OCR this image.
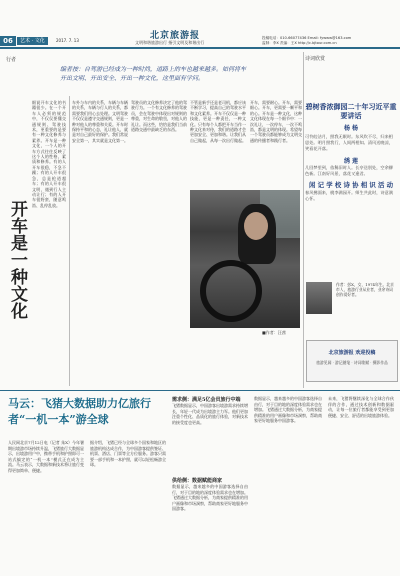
06	艺术 · 文化	2017. 7. 13	北京旅游报
文明和谐旅游出行 指引文明及和谐出行
投稿电话：010-66077436 Email: fywww@163.com
监制：李X 责编：王X http://c.bjtour.com.cn
行者
编者按：自驾游已经成为一种时尚，道路上的车也越来越多。如何将车开出文明、开出安全、开出一种文化，这里面有学问。
开车是一种文化
细说开车文化的书籍很少。在一个开车人必须的规范中，不仅仅要懂交通规则、驾驶技术，更重要的是要有一种文化修养与素养。开车是一种文化，一个人的开车方式往往反映了这个人的性格、素质和修养。有的人开车很稳，不急不躁；有的人开车很急，总是抢道超车；有的人开车很文明，遇到行人主动让行；有的人开车很野蛮，随意鸣笛、乱停乱放。
车外与车内的关系，车辆与车辆的关系，车辆与行人的关系，都需要我们用心去处理。文明驾驶不仅仅是遵守交通规则，更是一种对他人的尊重和关爱。开车时保持平和的心态，礼让他人，就是对自己最好的保护。我们常说安全第一，其实就是文化第一。
驾驶员的文化修养决定了他的驾驶行为。一个有文化修养的驾驶员，会在驾驶中体现出对规则的尊重，对生命的敬畏，对他人的礼让。而这些，恰恰是我们当前道路交通中最缺乏的东西。
不管是新手还是老司机，都应该不断学习，提高自己的驾驶水平和文化素养。开车不仅仅是一种技能，更是一种责任，一种文化。只有每个人都把开车当作一种文化来对待，我们的道路才会更加安全、更加和谐。让我们从自己做起，从每一次出行做起。
开车，需要耐心。开车，需要细心。开车，更需要一颗平和的心。开车是一种文化，这种文化体现在每一个细节中：一次礼让，一次停车，一次不鸣笛，都是文明的体现。希望每一个驾驶员都能够成为文明交通的传播者和践行者。
■作者：汪茜
诗词欣赏
碧树香浓御园二十年习近平重要讲话
杨 杨
可怜皎洁月，照我无眠时。东风吹不尽，归来相思处。明月照我行，人间两相知。清风送晚凉，笑看花开落。
绣 莲
几回梦里到，依稀旧时人。长亭送别处，空余柳色新。江南好风景，落花又逢君。
闲 记 学 校 诗 协 相 识 活 动
春风拂面来，桃李满园开。师生共此时，诗意满心怀。
作者：彭X，女，1974年生。北京市人，旅游行业从业者，业余诗词创作爱好者。
北京旅游报 欢迎投稿
旅游见闻 · 游记随笔 · 诗词歌赋 · 摄影作品
马云：飞猪大数据助力亿旅行者“一机一本”游全球
人民网北京7月12日电（记者 朱X）今年暑期出境游市场持续升温，飞猪旅行大数据显示，出境游用户中，携带手机和护照即可一站式搞定的“一机一本”模式正在成为主流。马云表示，大数据和新技术将让旅行变得更加简单、便捷。
据介绍，飞猪已经与全球多个国家和地区的旅游机构达成合作，为中国游客提供签证、机票、酒店、门票等全方位服务。游客只需要一部手机和一本护照，就可以轻松畅游全球。
需求侧：满足5亿会员旅行中端
飞猪数据显示，中国游客出境游需求持续增长，年轻一代成为出境游主力军。他们更加注重个性化、品质化的旅行体验，对新技术的接受度也更高。
供给侧：数据赋能商家
数据显示，越来越多的中国游客选择自由行，对于目的地的深度体验需求也在增加。飞猪通过大数据分析，为商家提供精准的用户画像和市场洞察，帮助商家更好地服务中国游客。
数据显示，越来越多的中国游客选择自由行，对于目的地的深度体验需求也在增加。飞猪通过大数据分析，为商家提供精准的用户画像和市场洞察，帮助商家更好地服务中国游客。
未来，飞猪将继续深化与全球合作伙伴的合作，通过技术创新和数据驱动，让每一位旅行者都能享受到更加便捷、安全、舒适的出境旅游体验。
